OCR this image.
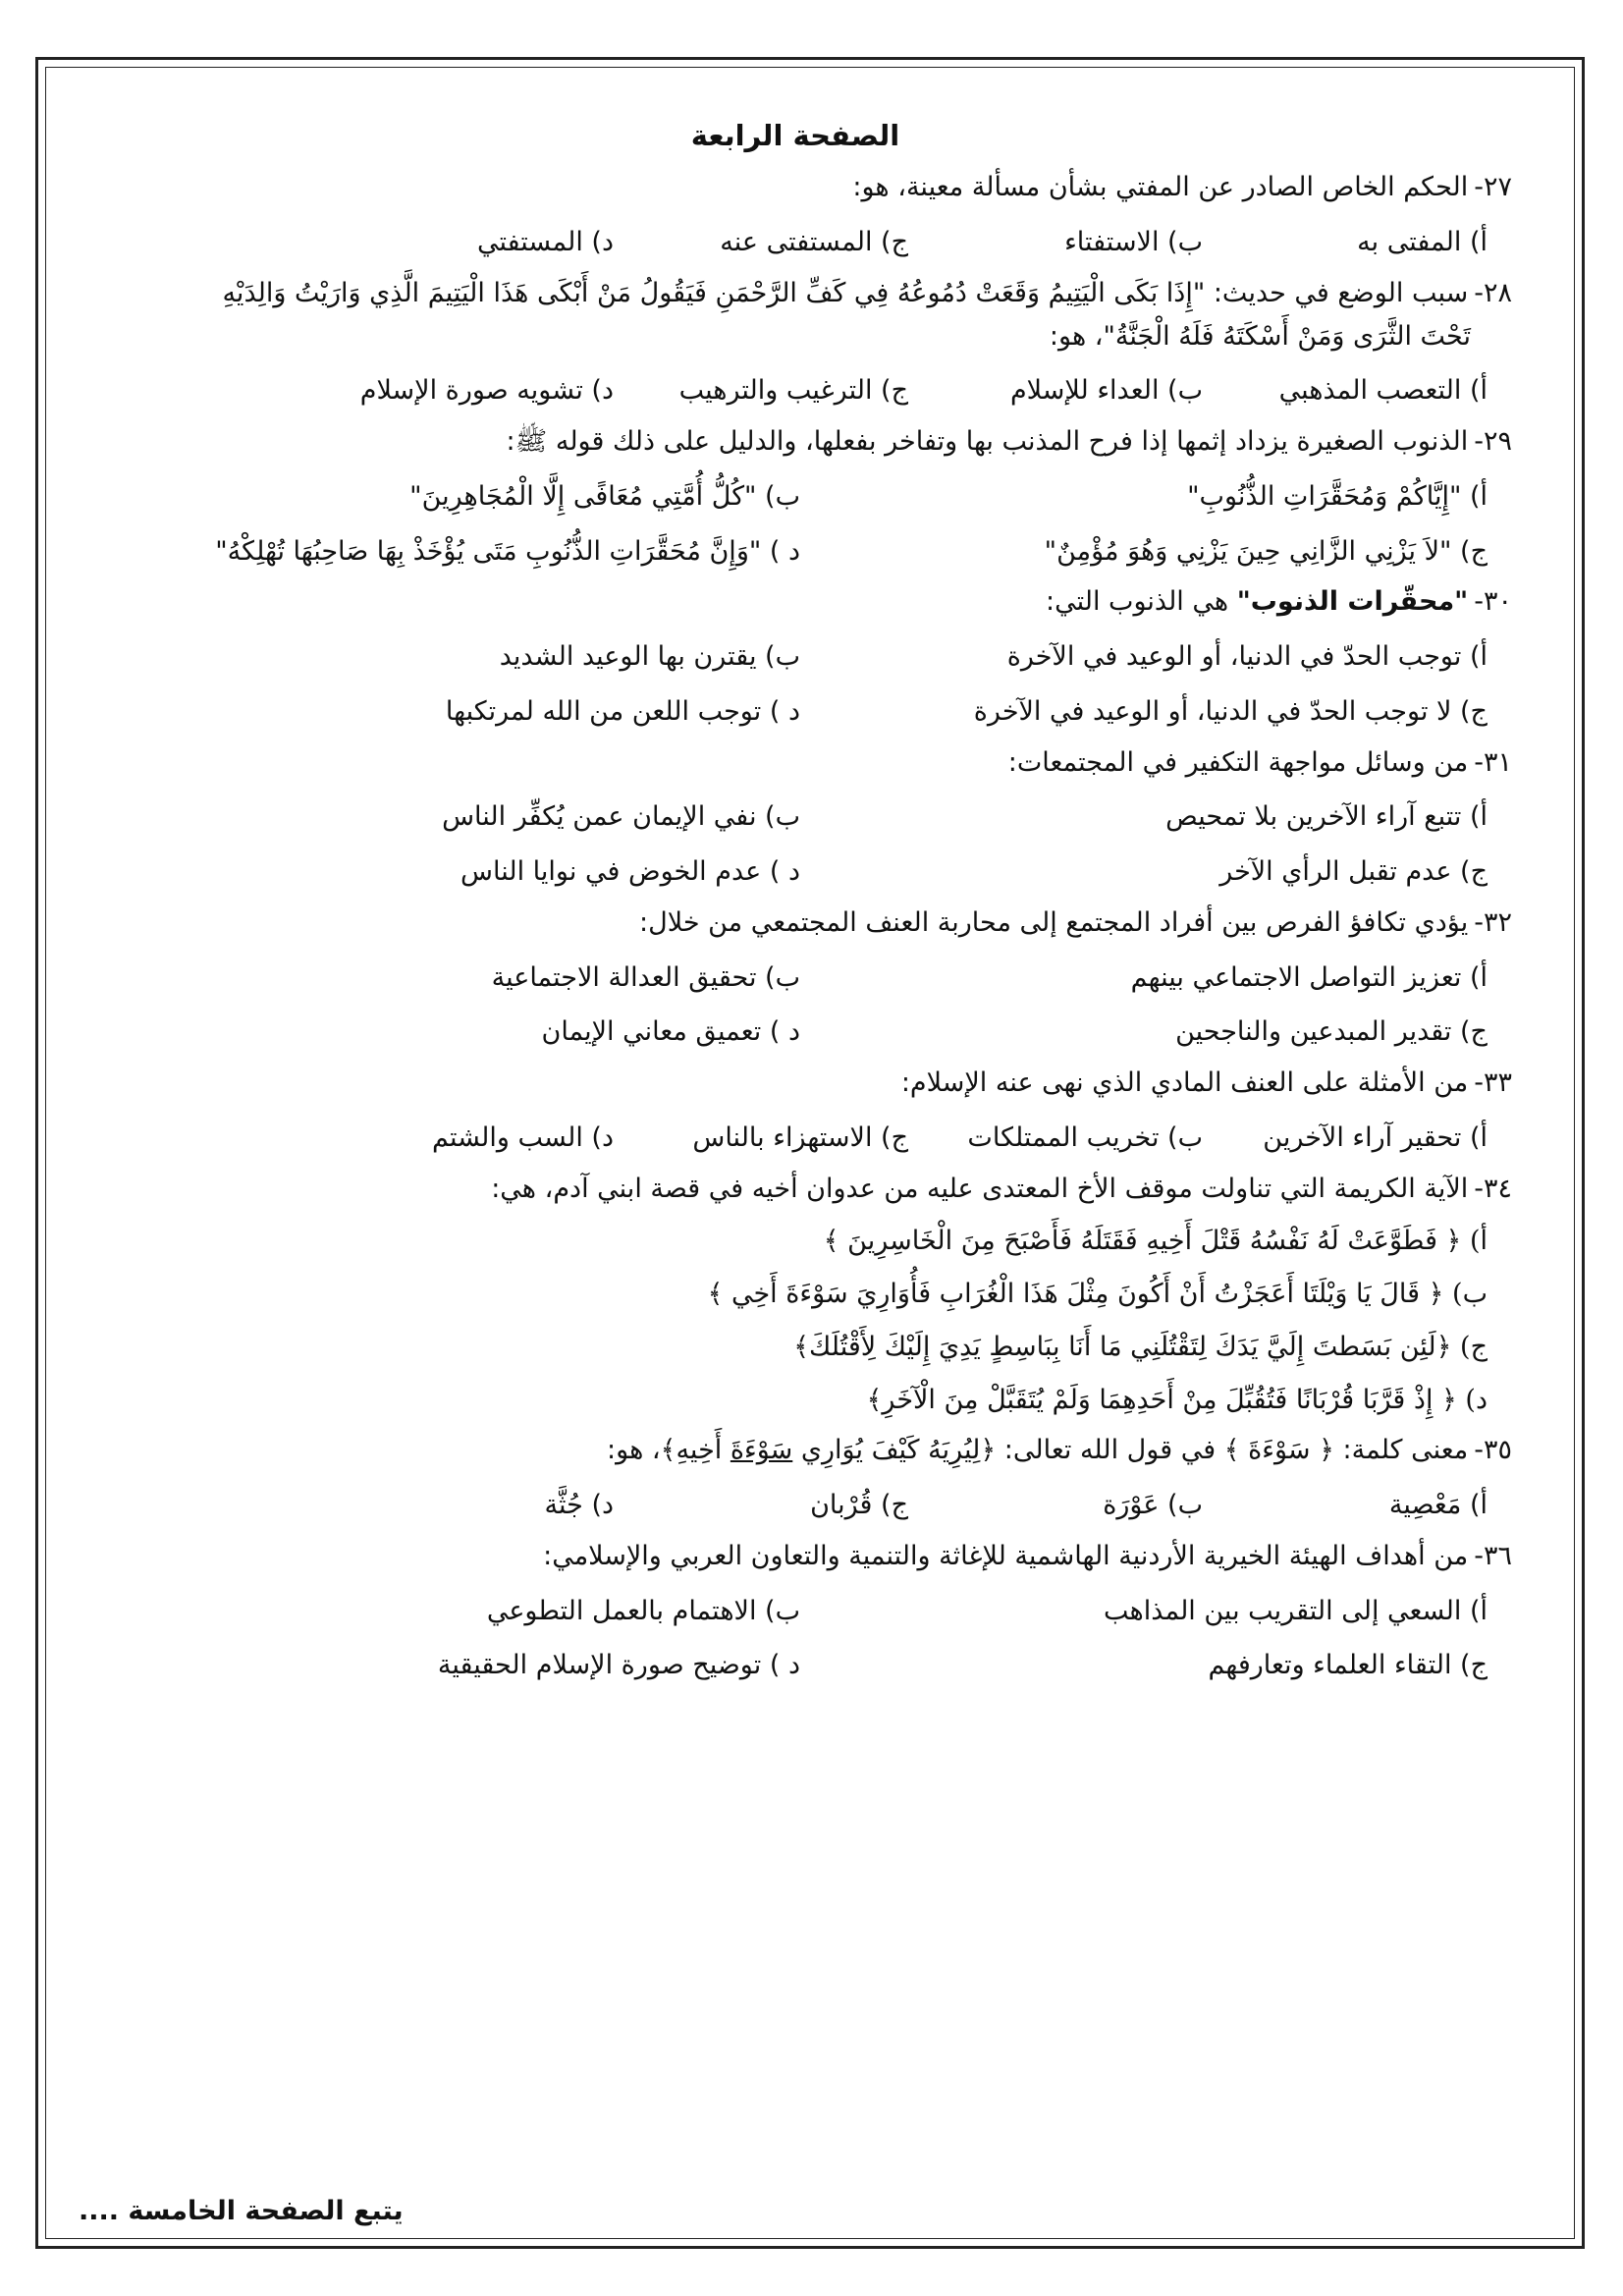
الصفحة الرابعة
٢٧-الحكم الخاص الصادر عن المفتي بشأن مسألة معينة، هو:
أ) المفتى به
ب) الاستفتاء
ج) المستفتى عنه
د) المستفتي
٢٨-سبب الوضع في حديث: "إِذَا بَكَى الْيَتِيمُ وَقَعَتْ دُمُوعُهُ فِي كَفِّ الرَّحْمَنِ فَيَقُولُ مَنْ أَبْكَى هَذَا الْيَتِيمَ الَّذِي وَارَيْتُ وَالِدَيْهِ
تَحْتَ الثَّرَى وَمَنْ أَسْكَتَهُ فَلَهُ الْجَنَّةُ"، هو:
أ) التعصب المذهبي
ب) العداء للإسلام
ج) الترغيب والترهيب
د) تشويه صورة الإسلام
٢٩-الذنوب الصغيرة يزداد إثمها إذا فرح المذنب بها وتفاخر بفعلها، والدليل على ذلك قوله ﷺ:
أ) "إِيَّاكُمْ وَمُحَقَّرَاتِ الذُّنُوبِ"
ب) "كُلُّ أُمَّتِي مُعَافًى إِلَّا الْمُجَاهِرِينَ"
ج) "لاَ يَزْنِي الزَّانِي حِينَ يَزْنِي وَهُوَ مُؤْمِنٌ"
د ) "وَإِنَّ مُحَقَّرَاتِ الذُّنُوبِ مَتَى يُؤْخَذْ بِهَا صَاحِبُهَا تُهْلِكْهُ"
٣٠-"محقّرات الذنوب" هي الذنوب التي:
أ) توجب الحدّ في الدنيا، أو الوعيد في الآخرة
ب) يقترن بها الوعيد الشديد
ج) لا توجب الحدّ في الدنيا، أو الوعيد في الآخرة
د ) توجب اللعن من الله لمرتكبها
٣١-من وسائل مواجهة التكفير في المجتمعات:
أ) تتبع آراء الآخرين بلا تمحيص
ب) نفي الإيمان عمن يُكفِّر الناس
ج) عدم تقبل الرأي الآخر
د ) عدم الخوض في نوايا الناس
٣٢-يؤدي تكافؤ الفرص بين أفراد المجتمع إلى محاربة العنف المجتمعي من خلال:
أ) تعزيز التواصل الاجتماعي بينهم
ب) تحقيق العدالة الاجتماعية
ج) تقدير المبدعين والناجحين
د ) تعميق معاني الإيمان
٣٣-من الأمثلة على العنف المادي الذي نهى عنه الإسلام:
أ) تحقير آراء الآخرين
ب) تخريب الممتلكات
ج) الاستهزاء بالناس
د) السب والشتم
٣٤-الآية الكريمة التي تناولت موقف الأخ المعتدى عليه من عدوان أخيه في قصة ابني آدم، هي:
أ) ﴿ فَطَوَّعَتْ لَهُ نَفْسُهُ قَتْلَ أَخِيهِ فَقَتَلَهُ فَأَصْبَحَ مِنَ الْخَاسِرِينَ ﴾
ب) ﴿ قَالَ يَا وَيْلَتَا أَعَجَزْتُ أَنْ أَكُونَ مِثْلَ هَذَا الْغُرَابِ فَأُوَارِيَ سَوْءَةَ أَخِي ﴾
ج) ﴿لَئِن بَسَطتَ إِلَيَّ يَدَكَ لِتَقْتُلَنِي مَا أَنَا بِبَاسِطٍ يَدِيَ إِلَيْكَ لِأَقْتُلَكَ﴾
د) ﴿ إِذْ قَرَّبَا قُرْبَانًا فَتُقُبِّلَ مِنْ أَحَدِهِمَا وَلَمْ يُتَقَبَّلْ مِنَ الْآخَرِ﴾
٣٥-معنى كلمة: ﴿ سَوْءَةَ ﴾ في قول الله تعالى: ﴿لِيُرِيَهُ كَيْفَ يُوَارِي سَوْءَةَ أَخِيهِ﴾، هو:
أ) مَعْصِية
ب) عَوْرَة
ج) قُرْبان
د) جُثَّة
٣٦-من أهداف الهيئة الخيرية الأردنية الهاشمية للإغاثة والتنمية والتعاون العربي والإسلامي:
أ) السعي إلى التقريب بين المذاهب
ب) الاهتمام بالعمل التطوعي
ج) التقاء العلماء وتعارفهم
د ) توضيح صورة الإسلام الحقيقية
يتبع الصفحة الخامسة ....
